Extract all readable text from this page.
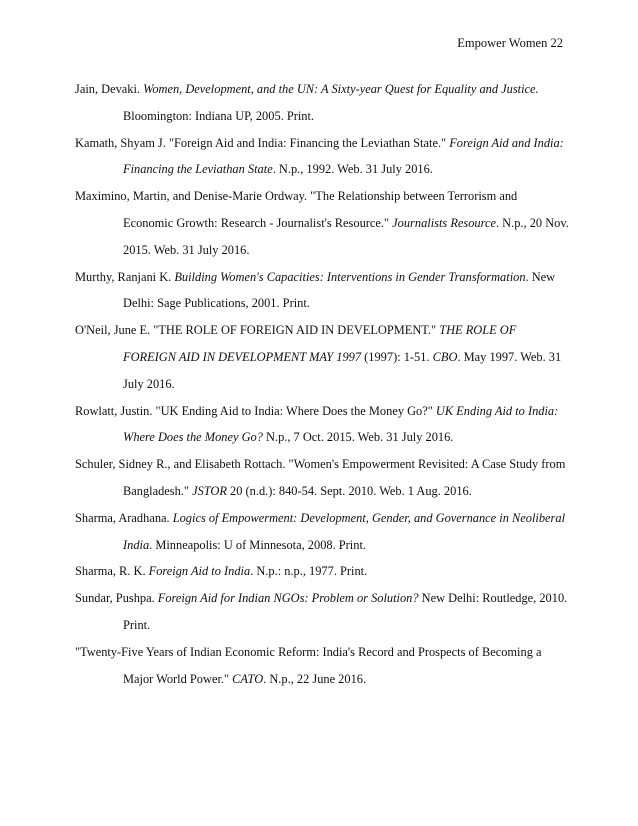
Empower Women 22

Jain, Devaki. Women, Development, and the UN: A Sixty-year Quest for Equality and Justice. Bloomington: Indiana UP, 2005. Print.

Kamath, Shyam J. "Foreign Aid and India: Financing the Leviathan State." Foreign Aid and India: Financing the Leviathan State. N.p., 1992. Web. 31 July 2016.

Maximino, Martin, and Denise-Marie Ordway. "The Relationship between Terrorism and Economic Growth: Research - Journalist's Resource." Journalists Resource. N.p., 20 Nov. 2015. Web. 31 July 2016.

Murthy, Ranjani K. Building Women's Capacities: Interventions in Gender Transformation. New Delhi: Sage Publications, 2001. Print.

O'Neil, June E. "THE ROLE OF FOREIGN AID IN DEVELOPMENT." THE ROLE OF FOREIGN AID IN DEVELOPMENT MAY 1997 (1997): 1-51. CBO. May 1997. Web. 31 July 2016.

Rowlatt, Justin. "UK Ending Aid to India: Where Does the Money Go?" UK Ending Aid to India: Where Does the Money Go? N.p., 7 Oct. 2015. Web. 31 July 2016.

Schuler, Sidney R., and Elisabeth Rottach. "Women's Empowerment Revisited: A Case Study from Bangladesh." JSTOR 20 (n.d.): 840-54. Sept. 2010. Web. 1 Aug. 2016.

Sharma, Aradhana. Logics of Empowerment: Development, Gender, and Governance in Neoliberal India. Minneapolis: U of Minnesota, 2008. Print.

Sharma, R. K. Foreign Aid to India. N.p.: n.p., 1977. Print.

Sundar, Pushpa. Foreign Aid for Indian NGOs: Problem or Solution? New Delhi: Routledge, 2010. Print.

"Twenty-Five Years of Indian Economic Reform: India's Record and Prospects of Becoming a Major World Power." CATO. N.p., 22 June 2016.
